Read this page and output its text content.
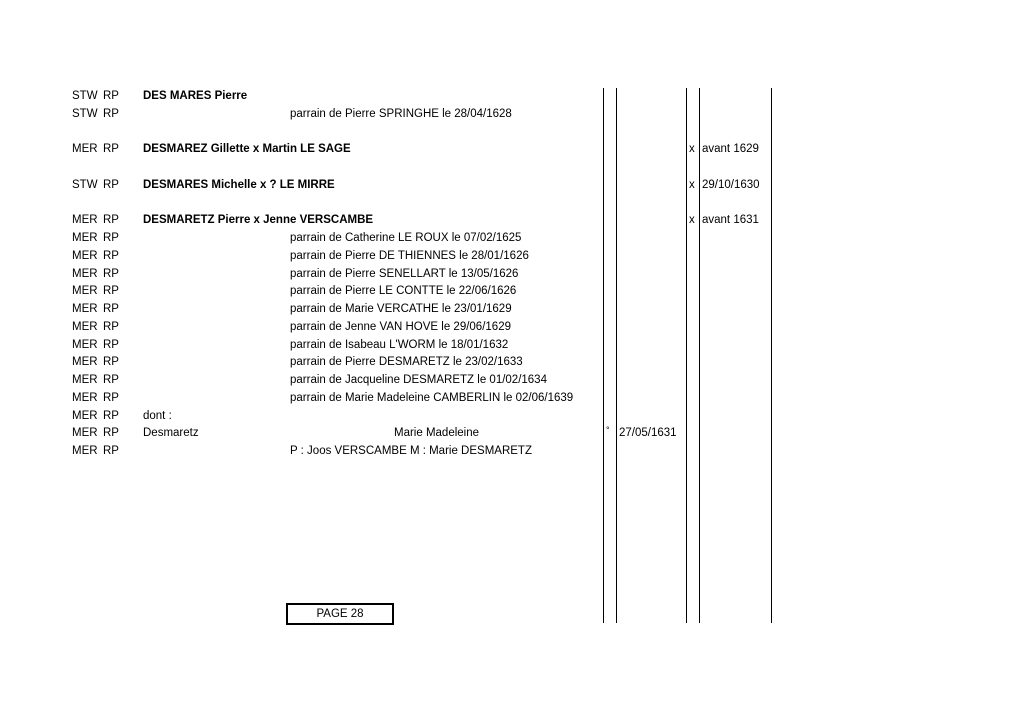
STW RP DES MARES Pierre
STW RP	parrain de Pierre SPRINGHE le 28/04/1628
MER RP DESMAREZ Gillette x Martin LE SAGE	x avant 1629
STW RP DESMARES Michelle x ? LE MIRRE	x 29/10/1630
MER RP DESMARETZ Pierre x Jenne VERSCAMBE	x avant 1631
MER RP	parrain de Catherine LE ROUX le 07/02/1625
MER RP	parrain de Pierre DE THIENNES le 28/01/1626
MER RP	parrain de Pierre SENELLART le 13/05/1626
MER RP	parrain de Pierre LE CONTTE le 22/06/1626
MER RP	parrain de Marie VERCATHE le 23/01/1629
MER RP	parrain de Jenne VAN HOVE le 29/06/1629
MER RP	parrain de Isabeau L'WORM le 18/01/1632
MER RP	parrain de Pierre DESMARETZ le 23/02/1633
MER RP	parrain de Jacqueline DESMARETZ le 01/02/1634
MER RP	parrain de Marie Madeleine CAMBERLIN le 02/06/1639
MER RP dont :
MER RP Desmaretz	Marie Madeleine	° 27/05/1631
MER RP	P : Joos VERSCAMBE M : Marie DESMARETZ
PAGE 28
